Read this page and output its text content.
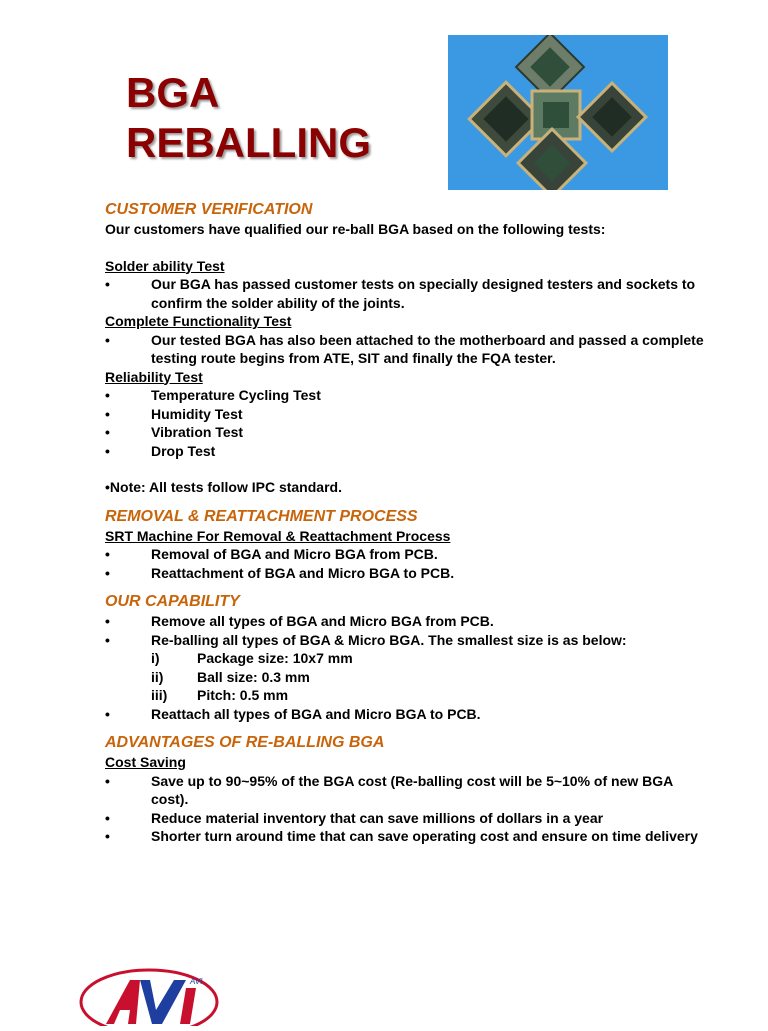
BGA
REBALLING
CUSTOMER VERIFICATION
Our customers have qualified our re-ball BGA based on the following tests:
Solder ability Test
• Our BGA has passed customer tests on specially designed testers and sockets to confirm the solder ability of the joints.
Complete Functionality Test
• Our tested BGA has also been attached to the motherboard and passed a complete testing route begins from ATE, SIT and finally the FQA tester.
Reliability Test
• Temperature Cycling Test
• Humidity Test
• Vibration Test
• Drop Test
•Note: All tests follow IPC standard.
REMOVAL & REATTACHMENT PROCESS
SRT Machine For Removal & Reattachment Process
• Removal of BGA and Micro BGA from PCB.
• Reattachment of BGA and Micro BGA to PCB.
OUR CAPABILITY
• Remove all types of BGA and Micro BGA from PCB.
• Re-balling all types of BGA & Micro BGA. The smallest size is as below:
i)	Package size: 10x7 mm
ii) Ball size: 0.3 mm
iii) Pitch: 0.5 mm
• Reattach all types of BGA and Micro BGA to PCB.
ADVANTAGES OF RE-BALLING BGA
Cost Saving
• Save up to 90~95% of the BGA cost (Re-balling cost will be 5~10% of new BGA cost).
• Reduce material inventory that can save millions of dollars in a year
• Shorter turn around time that can save operating cost and ensure on time delivery
AVI
